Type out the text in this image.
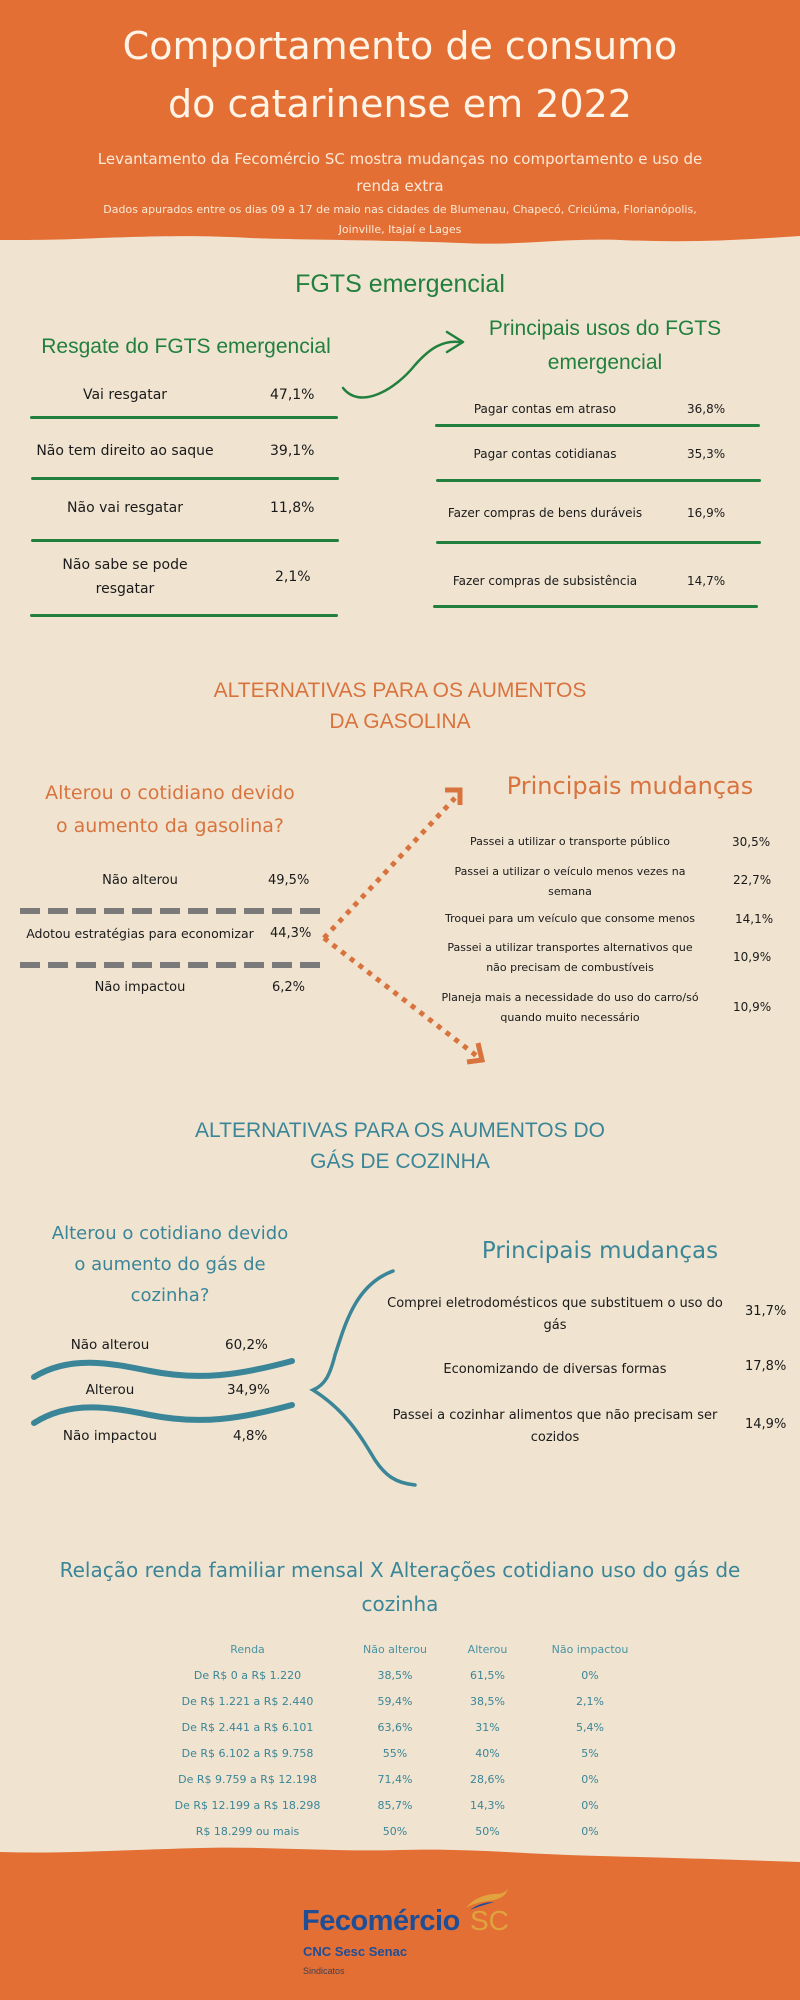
Comportamento de consumo
do catarinense em 2022
Levantamento da Fecomércio SC mostra mudanças no comportamento e uso de
renda extra
Dados apurados entre os dias 09 a 17 de maio nas cidades de Blumenau, Chapecó, Criciúma, Florianópolis,
Joinville, Itajaí e Lages
FGTS emergencial
Resgate do FGTS emergencial
Principais usos do FGTS
emergencial
Vai resgatar	47,1%
Não tem direito ao saque	39,1%
Não vai resgatar	11,8%
Não sabe se pode
resgatar
2,1%
Pagar contas em atraso	36,8%
Pagar contas cotidianas	35,3%
Fazer compras de bens duráveis	16,9%
Fazer compras de subsistência	14,7%
ALTERNATIVAS PARA OS AUMENTOS
DA GASOLINA
Alterou o cotidiano devido
o aumento da gasolina?
Não alterou	49,5%
Adotou estratégias para economizar	44,3%
Não impactou	6,2%
Principais mudanças
Passei a utilizar o transporte público	30,5%
Passei a utilizar o veículo menos vezes na
semana
22,7%
Troquei para um veículo que consome menos	14,1%
Passei a utilizar transportes alternativos que
não precisam de combustíveis
10,9%
Planeja mais a necessidade do uso do carro/só
quando muito necessário
10,9%
ALTERNATIVAS PARA OS AUMENTOS DO
GÁS DE COZINHA
Alterou o cotidiano devido
o aumento do gás de
cozinha?
Não alterou	60,2%
Alterou	34,9%
Não impactou	4,8%
Principais mudanças
Comprei eletrodomésticos que substituem o uso do
gás
31,7%
Economizando de diversas formas	17,8%
Passei a cozinhar alimentos que não precisam ser
cozidos
14,9%
Relação renda familiar mensal X Alterações cotidiano uso do gás de
cozinha
Renda	Não alterou	Alterou	Não impactou
De R$ 0 a R$ 1.220	38,5%	61,5%	0%
De R$ 1.221 a R$ 2.440	59,4%	38,5%	2,1%
De R$ 2.441 a R$ 6.101	63,6%	31%	5,4%
De R$ 6.102 a R$ 9.758	55%	40%	5%
De R$ 9.759 a R$ 12.198	71,4%	28,6%	0%
De R$ 12.199 a R$ 18.298	85,7%	14,3%	0%
R$ 18.299 ou mais	50%	50%	0%
Fecomércio SC
CNC Sesc Senac
Sindicatos
